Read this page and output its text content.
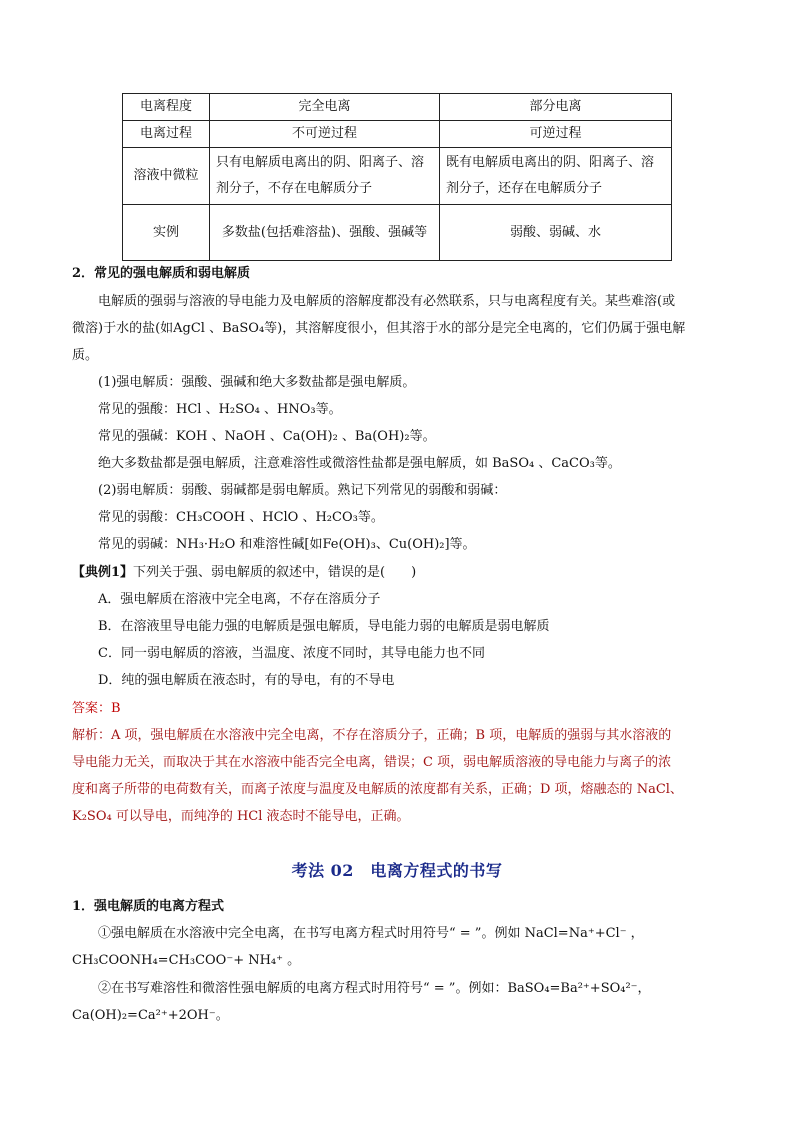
电离程度	完全电离	部分电离
电离过程	不可逆过程	可逆过程
溶液中微粒	只有电解质电离出的阴、阳离子、溶剂分子，不存在电解质分子	既有电解质电离出的阴、阳离子、溶剂分子，还存在电解质分子
实例	多数盐(包括难溶盐)、强酸、强碱等	弱酸、弱碱、水
2．常见的强电解质和弱电解质
电解质的强弱与溶液的导电能力及电解质的溶解度都没有必然联系，只与电离程度有关。某些难溶(或
微溶)于水的盐(如AgCl 、BaSO₄等)，其溶解度很小，但其溶于水的部分是完全电离的，它们仍属于强电解
质。
(1)强电解质：强酸、强碱和绝大多数盐都是强电解质。
常见的强酸：HCl 、H₂SO₄ 、HNO₃等。
常见的强碱：KOH 、NaOH 、Ca(OH)₂ 、Ba(OH)₂等。
绝大多数盐都是强电解质，注意难溶性或微溶性盐都是强电解质，如 BaSO₄ 、CaCO₃等。
(2)弱电解质：弱酸、弱碱都是弱电解质。熟记下列常见的弱酸和弱碱：
常见的弱酸：CH₃COOH 、HClO 、H₂CO₃等。
常见的弱碱：NH₃·H₂O 和难溶性碱[如Fe(OH)₃、Cu(OH)₂]等。
【典例1】下列关于强、弱电解质的叙述中，错误的是(　　)
A．强电解质在溶液中完全电离，不存在溶质分子
B．在溶液里导电能力强的电解质是强电解质，导电能力弱的电解质是弱电解质
C．同一弱电解质的溶液，当温度、浓度不同时，其导电能力也不同
D．纯的强电解质在液态时，有的导电，有的不导电
答案：B
解析：A 项，强电解质在水溶液中完全电离，不存在溶质分子，正确；B 项，电解质的强弱与其水溶液的
导电能力无关，而取决于其在水溶液中能否完全电离，错误；C 项，弱电解质溶液的导电能力与离子的浓
度和离子所带的电荷数有关，而离子浓度与温度及电解质的浓度都有关系，正确；D 项，熔融态的 NaCl、
K₂SO₄ 可以导电，而纯净的 HCl 液态时不能导电，正确。
考法 02　电离方程式的书写
1．强电解质的电离方程式
①强电解质在水溶液中完全电离，在书写电离方程式时用符号“ = ”。例如 NaCl=Na⁺+Cl⁻ ，
CH₃COONH₄=CH₃COO⁻+ NH₄⁺ 。
②在书写难溶性和微溶性强电解质的电离方程式时用符号“ = ”。例如：BaSO₄=Ba²⁺+SO₄²⁻，
Ca(OH)₂=Ca²⁺+2OH⁻。
